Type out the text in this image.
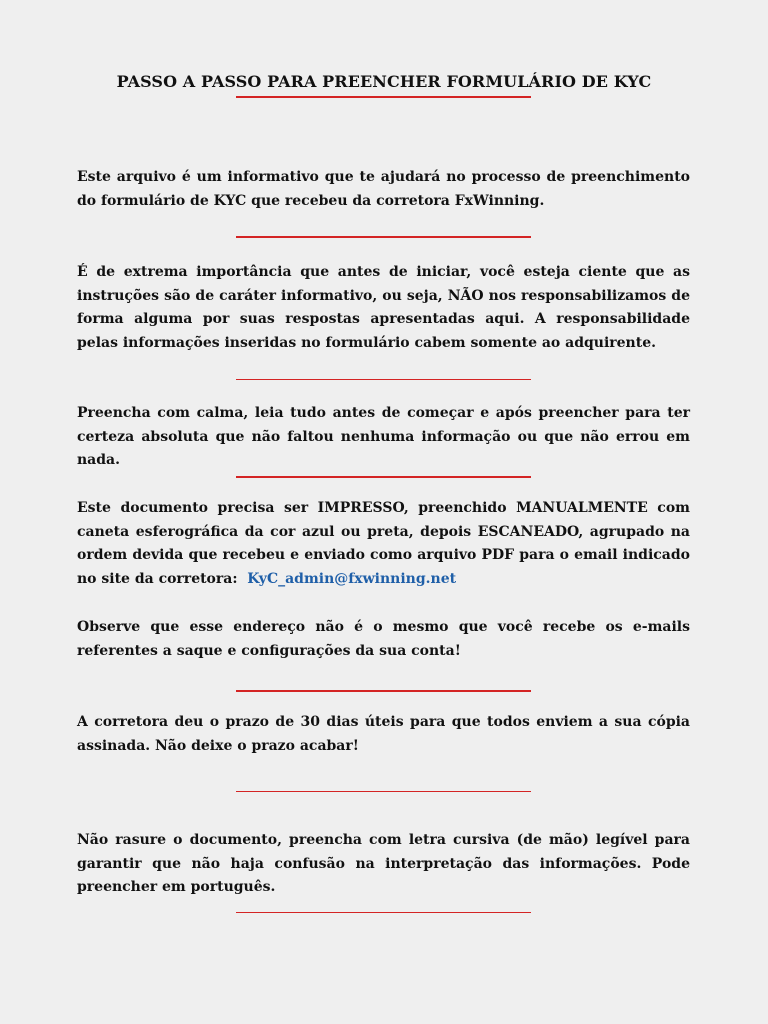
PASSO A PASSO PARA PREENCHER FORMULÁRIO DE KYC

Este arquivo é um informativo que te ajudará no processo de preenchimento do formulário de KYC que recebeu da corretora FxWinning.

É de extrema importância que antes de iniciar, você esteja ciente que as instruções são de caráter informativo, ou seja, NÃO nos responsabilizamos de forma alguma por suas respostas apresentadas aqui. A responsabilidade pelas informações inseridas no formulário cabem somente ao adquirente.

Preencha com calma, leia tudo antes de começar e após preencher para ter certeza absoluta que não faltou nenhuma informação ou que não errou em nada.

Este documento precisa ser IMPRESSO, preenchido MANUALMENTE com caneta esferográfica da cor azul ou preta, depois ESCANEADO, agrupado na ordem devida que recebeu e enviado como arquivo PDF para o email indicado no site da corretora: KyC_admin@fxwinning.net

Observe que esse endereço não é o mesmo que você recebe os e-mails referentes a saque e configurações da sua conta!

A corretora deu o prazo de 30 dias úteis para que todos enviem a sua cópia assinada. Não deixe o prazo acabar!

Não rasure o documento, preencha com letra cursiva (de mão) legível para garantir que não haja confusão na interpretação das informações. Pode preencher em português.
